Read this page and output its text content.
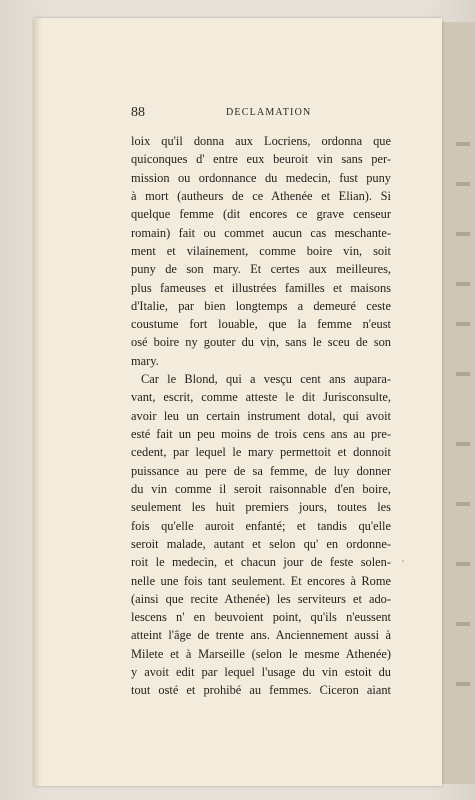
88	DECLAMATION
loix qu'il donna aux Locriens, ordonna que
quiconques d' entre eux beuroit vin sans per-
mission ou ordonnance du medecin, fust puny
à mort (autheurs de ce Athenée et Elian). Si
quelque femme (dit encores ce grave censeur
romain) fait ou commet aucun cas meschante-
ment et vilainement, comme boire vin, soit
puny de son mary. Et certes aux meilleures,
plus fameuses et illustrées familles et maisons
d'Italie, par bien longtemps a demeuré ceste
coustume fort louable, que la femme n'eust
osé boire ny gouter du vin, sans le sceu de son
mary.
Car le Blond, qui a vesçu cent ans aupara-
vant, escrit, comme atteste le dit Jurisconsulte,
avoir leu un certain instrument dotal, qui avoit
esté fait un peu moins de trois cens ans au pre-
cedent, par lequel le mary permettoit et donnoit
puissance au pere de sa femme, de luy donner
du vin comme il seroit raisonnable d'en boire,
seulement les huit premiers jours, toutes les
fois qu'elle auroit enfanté; et tandis qu'elle
seroit malade, autant et selon qu' en ordonne-
roit le medecin, et chacun jour de feste solen-
nelle une fois tant seulement. Et encores à Rome
(ainsi que recite Athenée) les serviteurs et ado-
lescens n' en beuvoient point, qu'ils n'eussent
atteint l'âge de trente ans. Anciennement aussi à
Milete et à Marseille (selon le mesme Athenée)
y avoit edit par lequel l'usage du vin estoit du
tout osté et prohibé au femmes. Ciceron aiant
